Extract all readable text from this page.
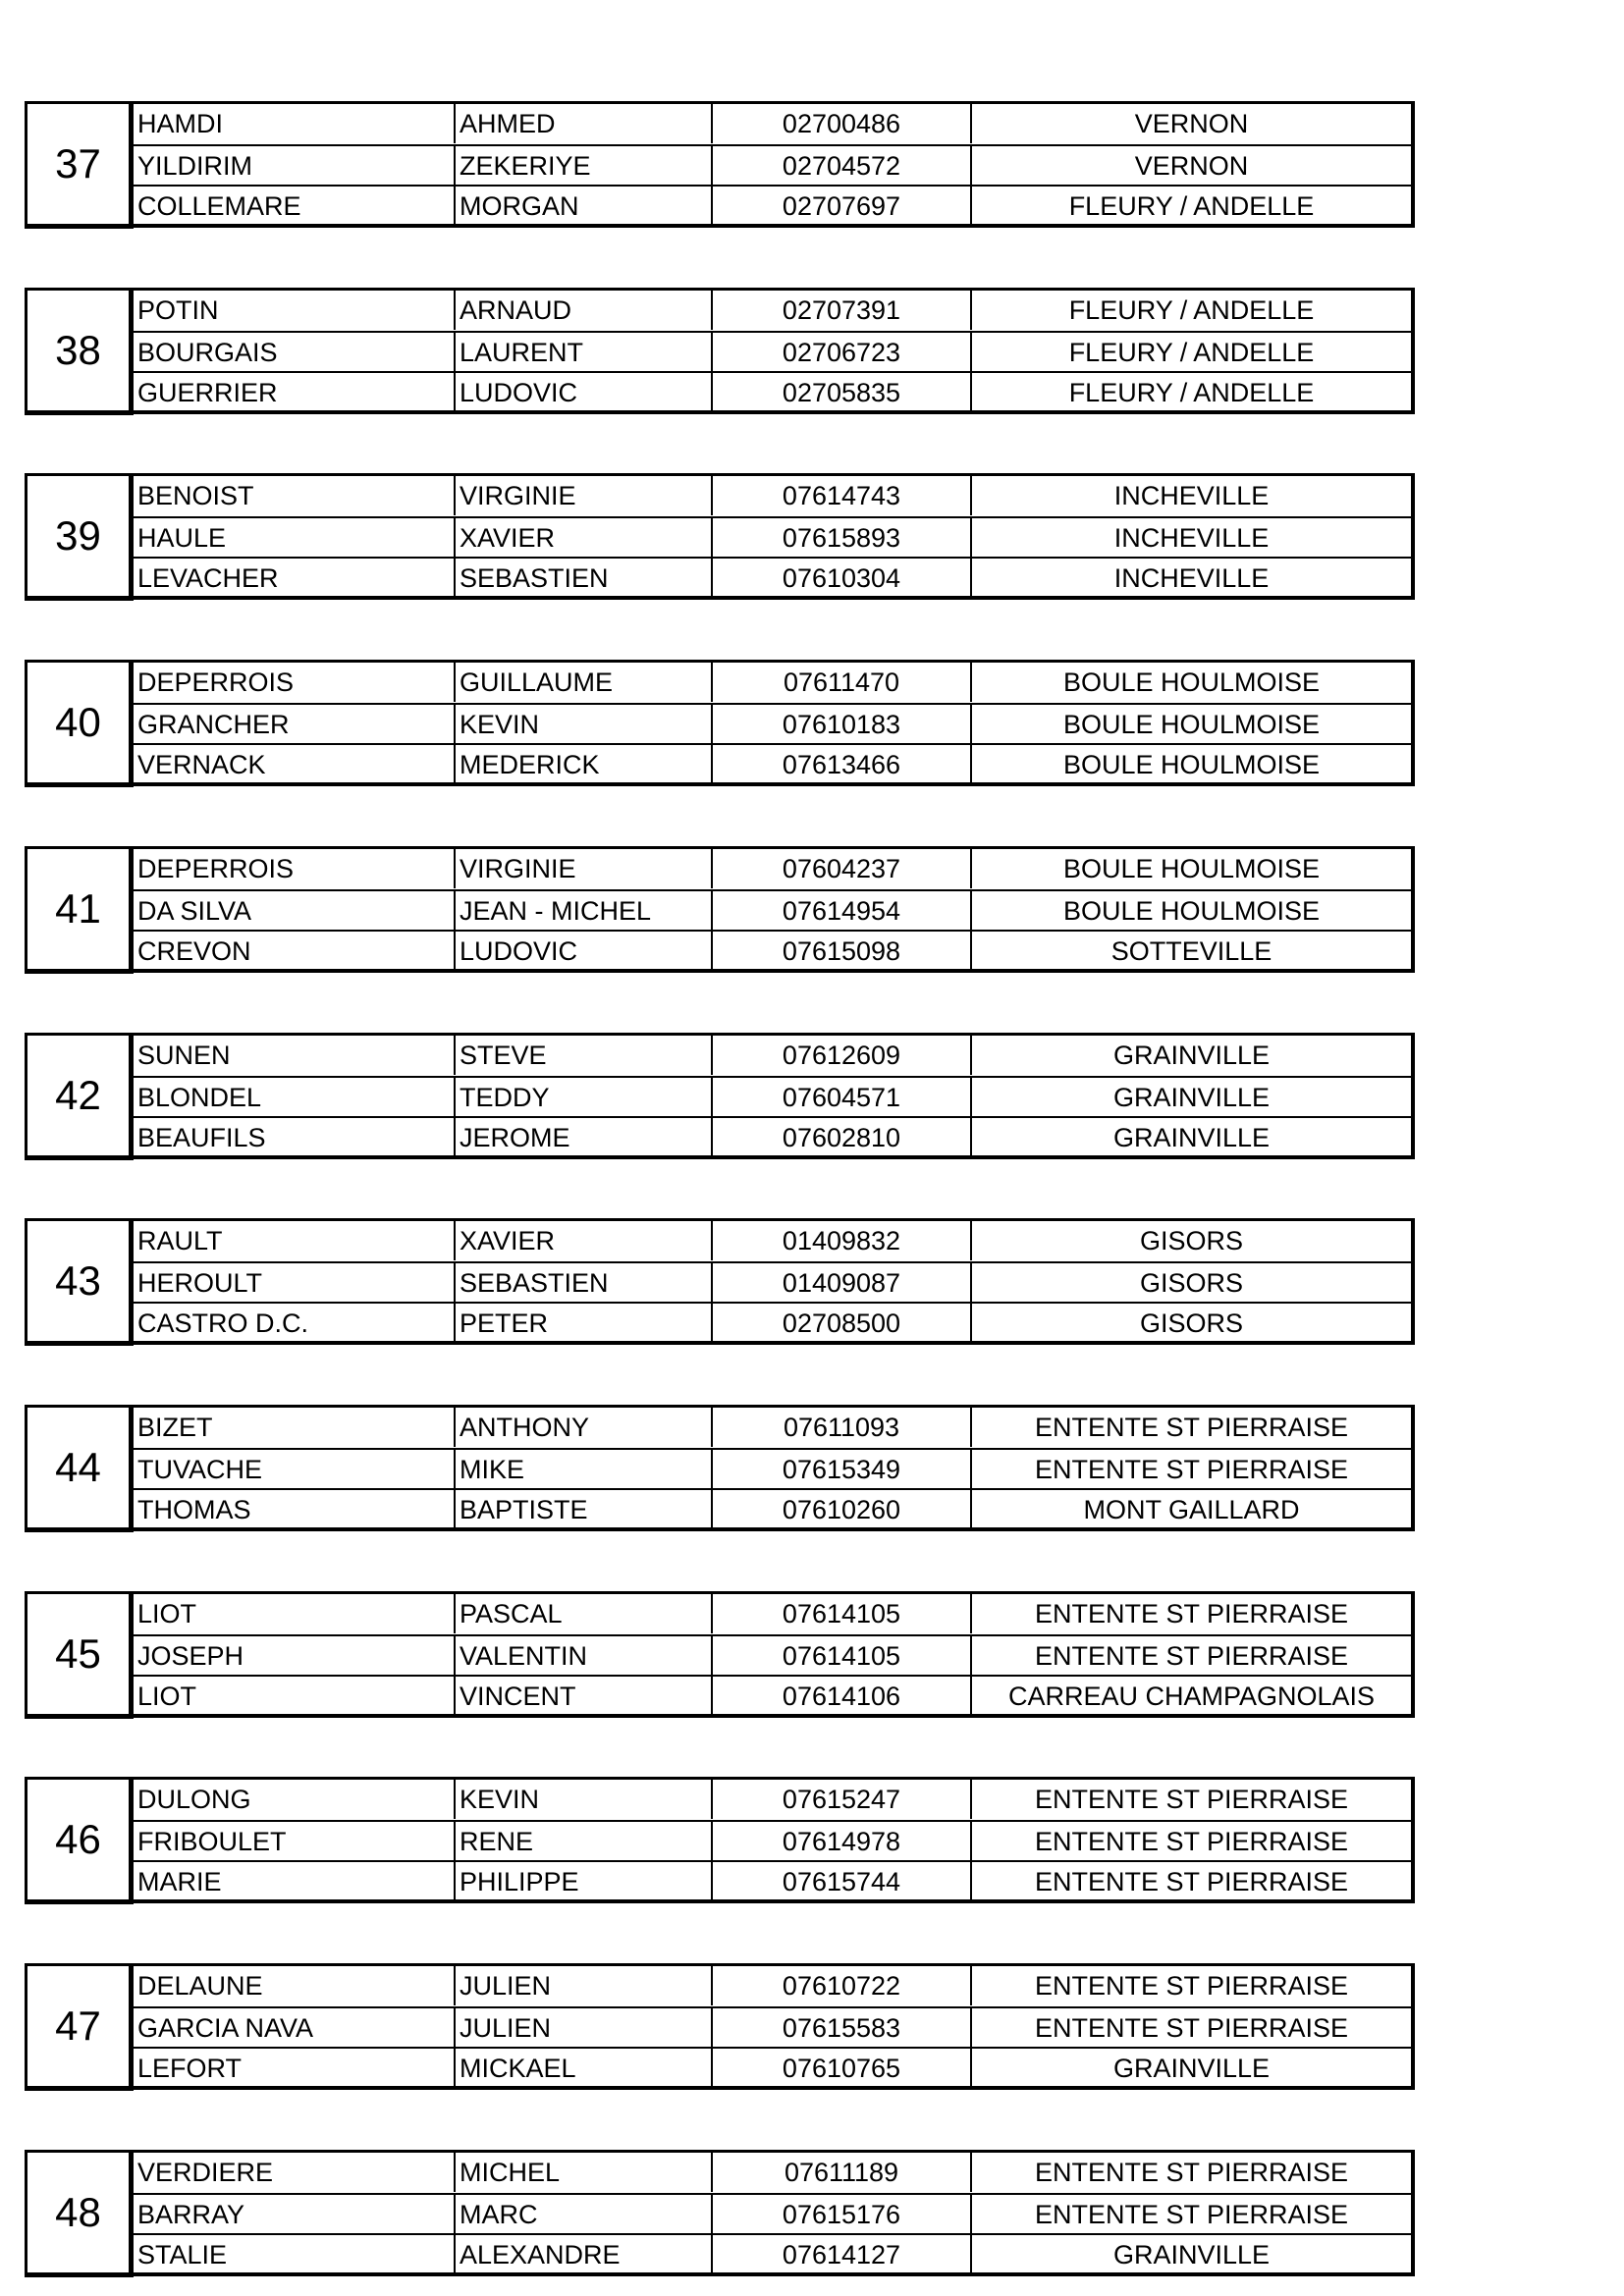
37
HAMDI	AHMED	02700486	VERNON
YILDIRIM	ZEKERIYE	02704572	VERNON
COLLEMARE	MORGAN	02707697	FLEURY / ANDELLE
38
POTIN	ARNAUD	02707391	FLEURY / ANDELLE
BOURGAIS	LAURENT	02706723	FLEURY / ANDELLE
GUERRIER	LUDOVIC	02705835	FLEURY / ANDELLE
39
BENOIST	VIRGINIE	07614743	INCHEVILLE
HAULE	XAVIER	07615893	INCHEVILLE
LEVACHER	SEBASTIEN	07610304	INCHEVILLE
40
DEPERROIS	GUILLAUME	07611470	BOULE HOULMOISE
GRANCHER	KEVIN	07610183	BOULE HOULMOISE
VERNACK	MEDERICK	07613466	BOULE HOULMOISE
41
DEPERROIS	VIRGINIE	07604237	BOULE HOULMOISE
DA SILVA	JEAN - MICHEL	07614954	BOULE HOULMOISE
CREVON	LUDOVIC	07615098	SOTTEVILLE
42
SUNEN	STEVE	07612609	GRAINVILLE
BLONDEL	TEDDY	07604571	GRAINVILLE
BEAUFILS	JEROME	07602810	GRAINVILLE
43
RAULT	XAVIER	01409832	GISORS
HEROULT	SEBASTIEN	01409087	GISORS
CASTRO D.C.	PETER	02708500	GISORS
44
BIZET	ANTHONY	07611093	ENTENTE ST PIERRAISE
TUVACHE	MIKE	07615349	ENTENTE ST PIERRAISE
THOMAS	BAPTISTE	07610260	MONT GAILLARD
45
LIOT	PASCAL	07614105	ENTENTE ST PIERRAISE
JOSEPH	VALENTIN	07614105	ENTENTE ST PIERRAISE
LIOT	VINCENT	07614106	CARREAU CHAMPAGNOLAIS
46
DULONG	KEVIN	07615247	ENTENTE ST PIERRAISE
FRIBOULET	RENE	07614978	ENTENTE ST PIERRAISE
MARIE	PHILIPPE	07615744	ENTENTE ST PIERRAISE
47
DELAUNE	JULIEN	07610722	ENTENTE ST PIERRAISE
GARCIA NAVA	JULIEN	07615583	ENTENTE ST PIERRAISE
LEFORT	MICKAEL	07610765	GRAINVILLE
48
VERDIERE	MICHEL	07611189	ENTENTE ST PIERRAISE
BARRAY	MARC	07615176	ENTENTE ST PIERRAISE
STALIE	ALEXANDRE	07614127	GRAINVILLE
